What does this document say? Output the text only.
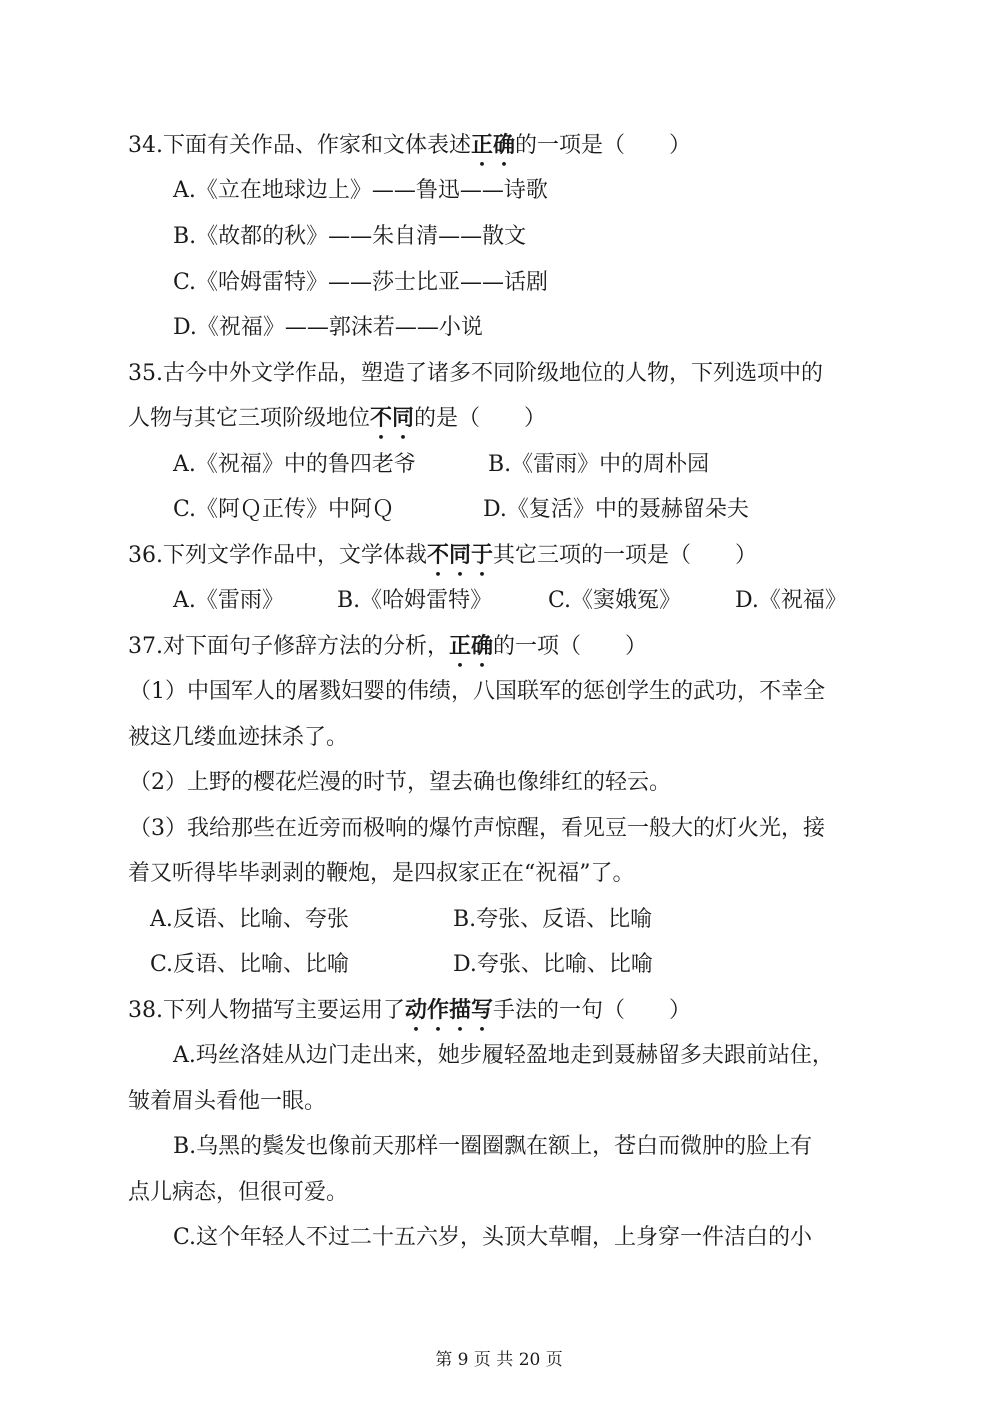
34.下面有关作品、作家和文体表述正确的一项是（　　）
A.《立在地球边上》——鲁迅——诗歌
B.《故都的秋》——朱自清——散文
C.《哈姆雷特》——莎士比亚——话剧
D.《祝福》——郭沫若——小说
35.古今中外文学作品，塑造了诸多不同阶级地位的人物，下列选项中的
人物与其它三项阶级地位不同的是（　　）
A.《祝福》中的鲁四老爷	B.《雷雨》中的周朴园
C.《阿Ｑ正传》中阿Ｑ	D.《复活》中的聂赫留朵夫
36.下列文学作品中，文学体裁不同于其它三项的一项是（　　）
A.《雷雨》	B.《哈姆雷特》	C.《窦娥冤》	D.《祝福》
37.对下面句子修辞方法的分析，正确的一项（　　）
（1）中国军人的屠戮妇婴的伟绩，八国联军的惩创学生的武功，不幸全
被这几缕血迹抹杀了。
（2）上野的樱花烂漫的时节，望去确也像绯红的轻云。
（3）我给那些在近旁而极响的爆竹声惊醒，看见豆一般大的灯火光，接
着又听得毕毕剥剥的鞭炮，是四叔家正在“祝福”了。
A.反语、比喻、夸张	B.夸张、反语、比喻
C.反语、比喻、比喻	D.夸张、比喻、比喻
38.下列人物描写主要运用了动作描写手法的一句（　　）
A.玛丝洛娃从边门走出来，她步履轻盈地走到聂赫留多夫跟前站住，
皱着眉头看他一眼。
B.乌黑的鬓发也像前天那样一圈圈飘在额上，苍白而微肿的脸上有
点儿病态，但很可爱。
C.这个年轻人不过二十五六岁，头顶大草帽，上身穿一件洁白的小
第 9 页 共 20 页
